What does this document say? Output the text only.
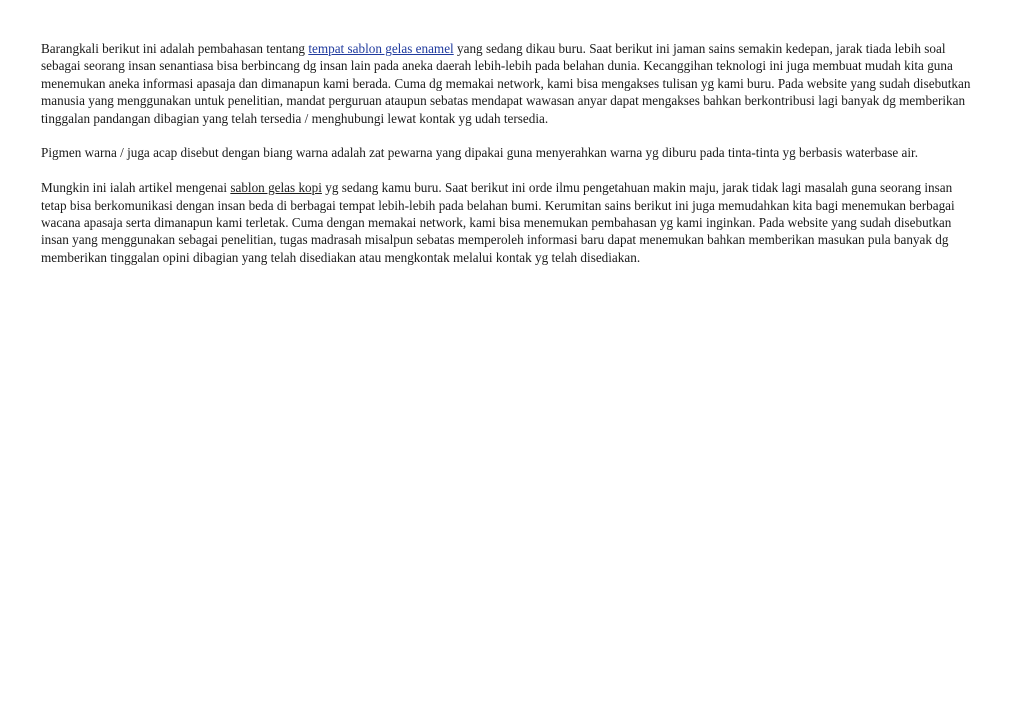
Barangkali berikut ini adalah pembahasan tentang tempat sablon gelas enamel yang sedang dikau buru. Saat berikut ini jaman sains semakin kedepan, jarak tiada lebih soal sebagai seorang insan senantiasa bisa berbincang dg insan lain pada aneka daerah lebih-lebih pada belahan dunia. Kecanggihan teknologi ini juga membuat mudah kita guna menemukan aneka informasi apasaja dan dimanapun kami berada. Cuma dg memakai network, kami bisa mengakses tulisan yg kami buru. Pada website yang sudah disebutkan manusia yang menggunakan untuk penelitian, mandat perguruan ataupun sebatas mendapat wawasan anyar dapat mengakses bahkan berkontribusi lagi banyak dg memberikan tinggalan pandangan dibagian yang telah tersedia / menghubungi lewat kontak yg udah tersedia.

Pigmen warna / juga acap disebut dengan biang warna adalah zat pewarna yang dipakai guna menyerahkan warna yg diburu pada tinta-tinta yg berbasis waterbase air.

Mungkin ini ialah artikel mengenai sablon gelas kopi yg sedang kamu buru. Saat berikut ini orde ilmu pengetahuan makin maju, jarak tidak lagi masalah guna seorang insan tetap bisa berkomunikasi dengan insan beda di berbagai tempat lebih-lebih pada belahan bumi. Kerumitan sains berikut ini juga memudahkan kita bagi menemukan berbagai wacana apasaja serta dimanapun kami terletak. Cuma dengan memakai network, kami bisa menemukan pembahasan yg kami inginkan. Pada website yang sudah disebutkan insan yang menggunakan sebagai penelitian, tugas madrasah misalpun sebatas memperoleh informasi baru dapat menemukan bahkan memberikan masukan pula banyak dg memberikan tinggalan opini dibagian yang telah disediakan atau mengkontak melalui kontak yg telah disediakan.
